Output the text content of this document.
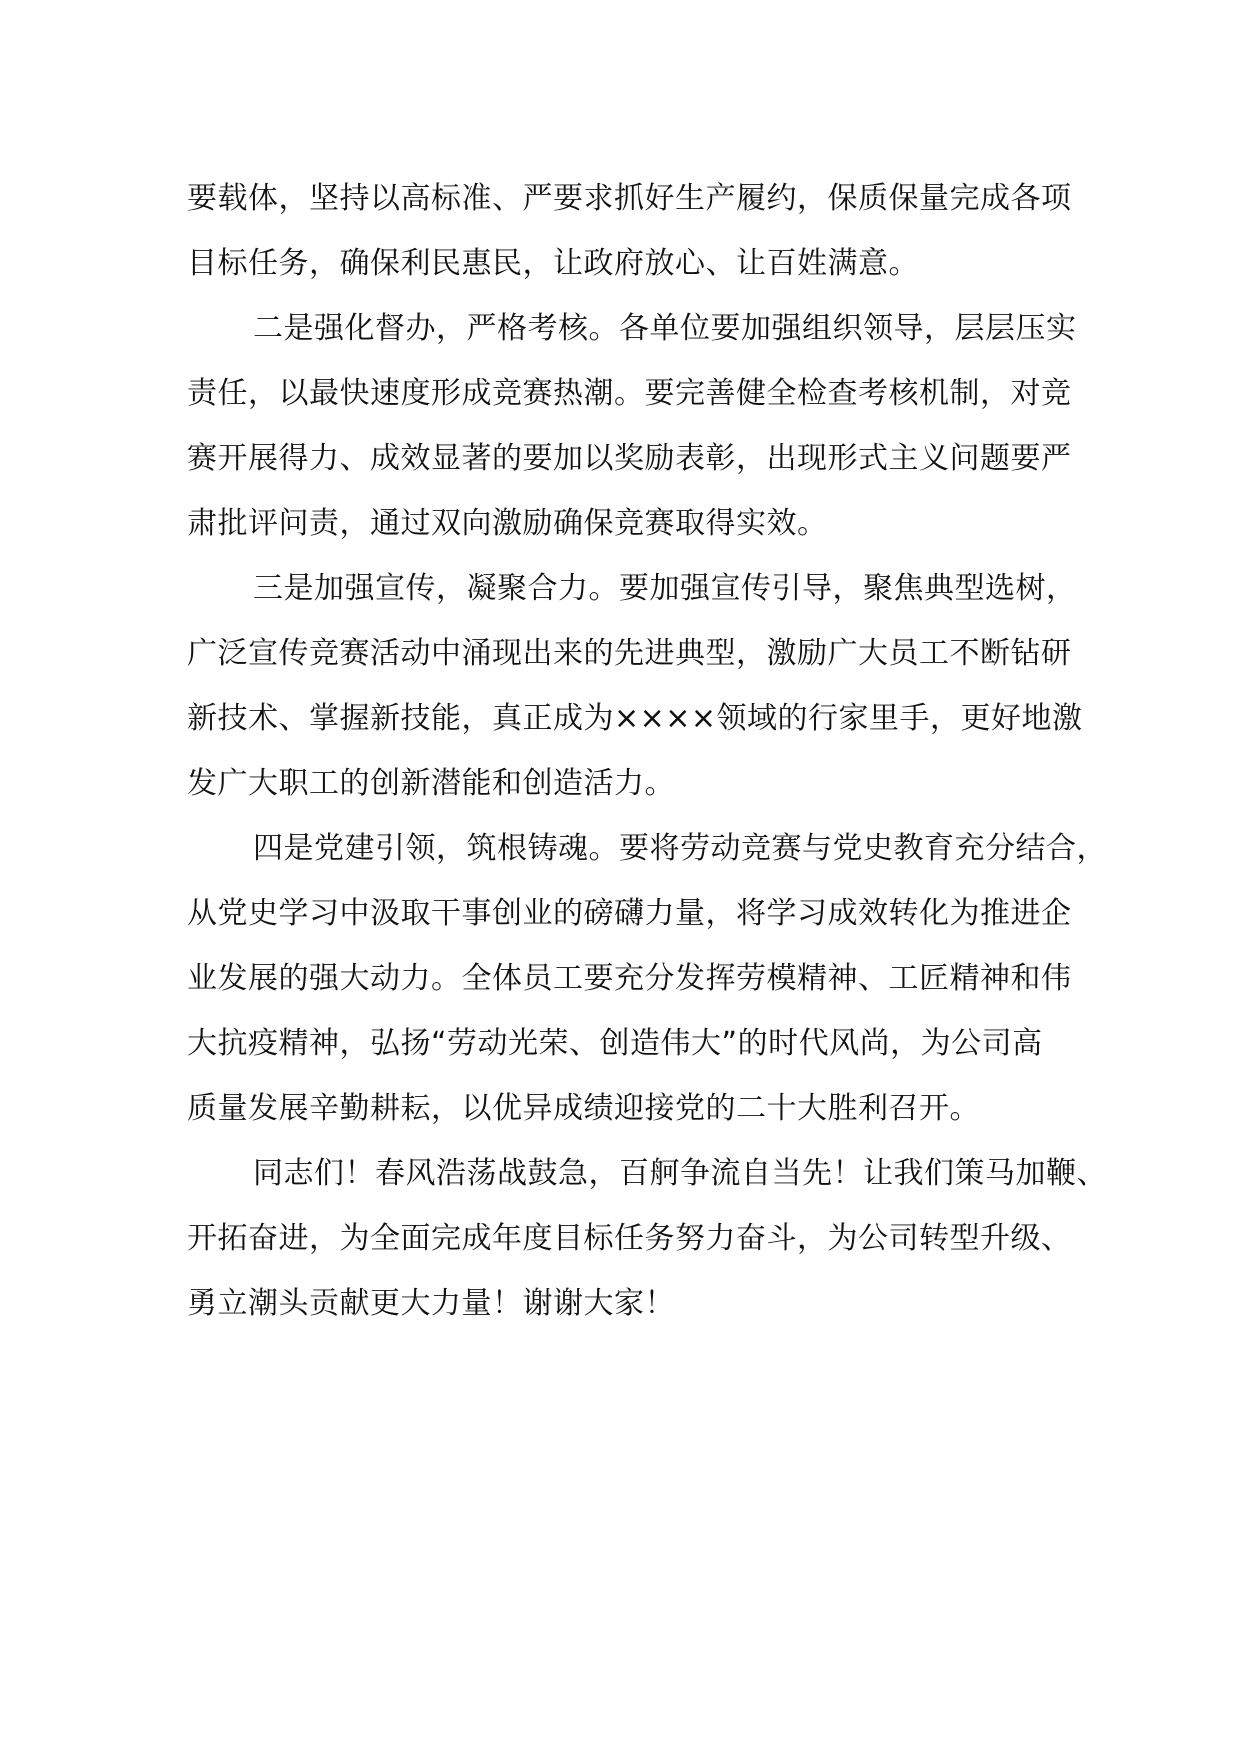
要载体，坚持以高标准、严要求抓好生产履约，保质保量完成各项
目标任务，确保利民惠民，让政府放心、让百姓满意。
二是强化督办，严格考核。各单位要加强组织领导，层层压实
责任，以最快速度形成竞赛热潮。要完善健全检查考核机制，对竞
赛开展得力、成效显著的要加以奖励表彰，出现形式主义问题要严
肃批评问责，通过双向激励确保竞赛取得实效。
三是加强宣传，凝聚合力。要加强宣传引导，聚焦典型选树，
广泛宣传竞赛活动中涌现出来的先进典型，激励广大员工不断钻研
新技术、掌握新技能，真正成为××××领域的行家里手，更好地激
发广大职工的创新潜能和创造活力。
四是党建引领，筑根铸魂。要将劳动竞赛与党史教育充分结合，
从党史学习中汲取干事创业的磅礴力量，将学习成效转化为推进企
业发展的强大动力。全体员工要充分发挥劳模精神、工匠精神和伟
大抗疫精神，弘扬“劳动光荣、创造伟大”的时代风尚，为公司高
质量发展辛勤耕耘，以优异成绩迎接党的二十大胜利召开。
同志们！春风浩荡战鼓急，百舸争流自当先！让我们策马加鞭、
开拓奋进，为全面完成年度目标任务努力奋斗，为公司转型升级、
勇立潮头贡献更大力量！谢谢大家！
